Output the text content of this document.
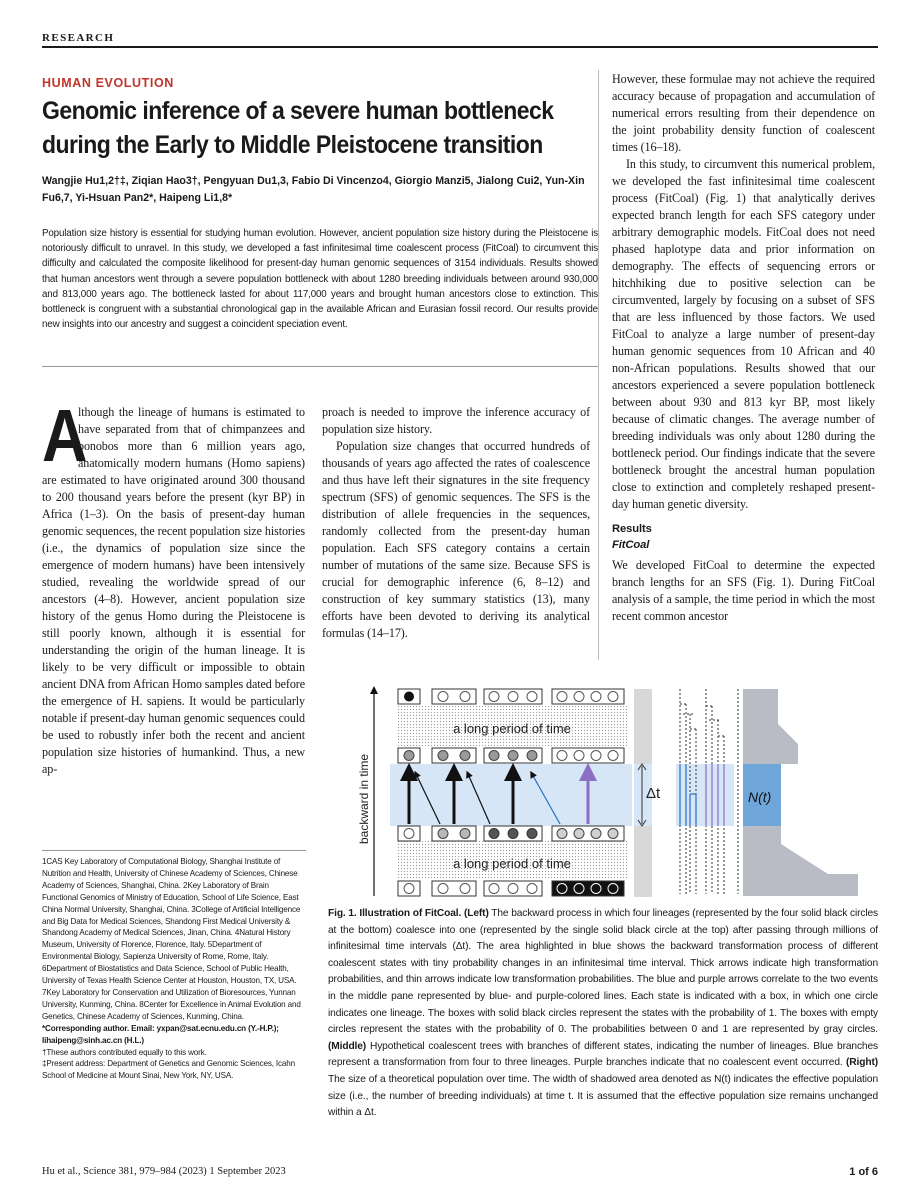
RESEARCH
HUMAN EVOLUTION
Genomic inference of a severe human bottleneck during the Early to Middle Pleistocene transition
Wangjie Hu1,2†‡, Ziqian Hao3†, Pengyuan Du1,3, Fabio Di Vincenzo4, Giorgio Manzi5, Jialong Cui2, Yun-Xin Fu6,7, Yi-Hsuan Pan2*, Haipeng Li1,8*
Population size history is essential for studying human evolution. However, ancient population size history during the Pleistocene is notoriously difficult to unravel. In this study, we developed a fast infinitesimal time coalescent process (FitCoal) to circumvent this difficulty and calculated the composite likelihood for present-day human genomic sequences of 3154 individuals. Results showed that human ancestors went through a severe population bottleneck with about 1280 breeding individuals between around 930,000 and 813,000 years ago. The bottleneck lasted for about 117,000 years and brought human ancestors close to extinction. This bottleneck is congruent with a substantial chronological gap in the available African and Eurasian fossil record. Our results provide new insights into our ancestry and suggest a coincident speciation event.
A

lthough the lineage of humans is estimated to have separated from that of chimpanzees and bonobos more than 6 million years ago, anatomically modern humans (Homo sapiens) are estimated to have originated around 300 thousand to 200 thousand years before the present (kyr BP) in Africa (1–3). On the basis of present-day human genomic sequences, the recent population size histories (i.e., the dynamics of population size since the emergence of modern humans) have been intensively studied, revealing the worldwide spread of our ancestors (4–8). However, ancient population size history of the genus Homo during the Pleistocene is still poorly known, although it is essential for understanding the origin of the human lineage. It is likely to be very difficult or impossible to obtain ancient DNA from African Homo samples dated before the emergence of H. sapiens. It would be particularly notable if present-day human genomic sequences could be used to robustly infer both the recent and ancient population size histories of humankind. Thus, a new ap-

proach is needed to improve the inference accuracy of population size history.

Population size changes that occurred hundreds of thousands of years ago affected the rates of coalescence and thus have left their signatures in the site frequency spectrum (SFS) of genomic sequences. The SFS is the distribution of allele frequencies in the sequences, randomly collected from the present-day human population. Each SFS category contains a certain number of mutations of the same size. Because SFS is crucial for demographic inference (6, 8–12) and construction of key summary statistics (13), many efforts have been devoted to deriving its analytical formulas (14–17).

However, these formulae may not achieve the required accuracy because of propagation and accumulation of numerical errors resulting from their dependence on the joint probability density function of coalescent times (16–18).

In this study, to circumvent this numerical problem, we developed the fast infinitesimal time coalescent process (FitCoal) (Fig. 1) that analytically derives expected branch length for each SFS category under arbitrary demographic models. FitCoal does not need phased haplotype data and prior information on demography. The effects of sequencing errors or hitchhiking due to positive selection can be circumvented, largely by focusing on a subset of SFS that are less influenced by those factors. We used FitCoal to analyze a large number of present-day human genomic sequences from 10 African and 40 non-African populations. Results showed that our ancestors experienced a severe population bottleneck between about 930 and 813 kyr BP, most likely because of climatic changes. The average number of breeding individuals was only about 1280 during the bottleneck period. Our findings indicate that the severe bottleneck brought the ancestral human population close to extinction and completely reshaped present-day human genetic diversity.

Results
FitCoal

We developed FitCoal to determine the expected branch lengths for an SFS (Fig. 1). During FitCoal analysis of a sample, the time period in which the most recent common ancestor

backward in time
a long period of time
a long period of time
Δt	N(t)
Fig. 1. Illustration of FitCoal. (Left) The backward process in which four lineages (represented by the four solid black circles at the bottom) coalesce into one (represented by the single solid black circle at the top) after passing through millions of infinitesimal time intervals (Δt). The area highlighted in blue shows the backward transformation process of different coalescent states with tiny probability changes in an infinitesimal time interval. Thick arrows indicate high transformation probabilities, and thin arrows indicate low transformation probabilities. The blue and purple arrows correlate to the two events in the middle pane represented by blue- and purple-colored lines. Each state is indicated with a box, in which one circle indicates one lineage. The boxes with solid black circles represent the states with the probability of 1. The boxes with empty circles represent the states with the probability of 0. The probabilities between 0 and 1 are represented by gray circles. (Middle) Hypothetical coalescent trees with branches of different states, indicating the number of lineages. Blue branches represent a transformation from four to three lineages. Purple branches indicate that no coalescent event occurred. (Right) The size of a theoretical population over time. The width of shadowed area denoted as N(t) indicates the effective population size (i.e., the number of breeding individuals) at time t. It is assumed that the effective population size remains unchanged within a Δt.
1CAS Key Laboratory of Computational Biology, Shanghai Institute of Nutrition and Health, University of Chinese Academy of Sciences, Chinese Academy of Sciences, Shanghai, China. 2Key Laboratory of Brain Functional Genomics of Ministry of Education, School of Life Science, East China Normal University, Shanghai, China. 3College of Artificial Intelligence and Big Data for Medical Sciences, Shandong First Medical University & Shandong Academy of Medical Sciences, Jinan, China. 4Natural History Museum, University of Florence, Florence, Italy. 5Department of Environmental Biology, Sapienza University of Rome, Rome, Italy. 6Department of Biostatistics and Data Science, School of Public Health, University of Texas Health Science Center at Houston, Houston, TX, USA. 7Key Laboratory for Conservation and Utilization of Bioresources, Yunnan University, Kunming, China. 8Center for Excellence in Animal Evolution and Genetics, Chinese Academy of Sciences, Kunming, China.
*Corresponding author. Email: yxpan@sat.ecnu.edu.cn (Y.-H.P.); lihaipeng@sinh.ac.cn (H.L.)
†These authors contributed equally to this work.
‡Present address: Department of Genetics and Genomic Sciences, Icahn School of Medicine at Mount Sinai, New York, NY, USA.
Hu et al., Science 381, 979–984 (2023) 1 September 2023	1 of 6
